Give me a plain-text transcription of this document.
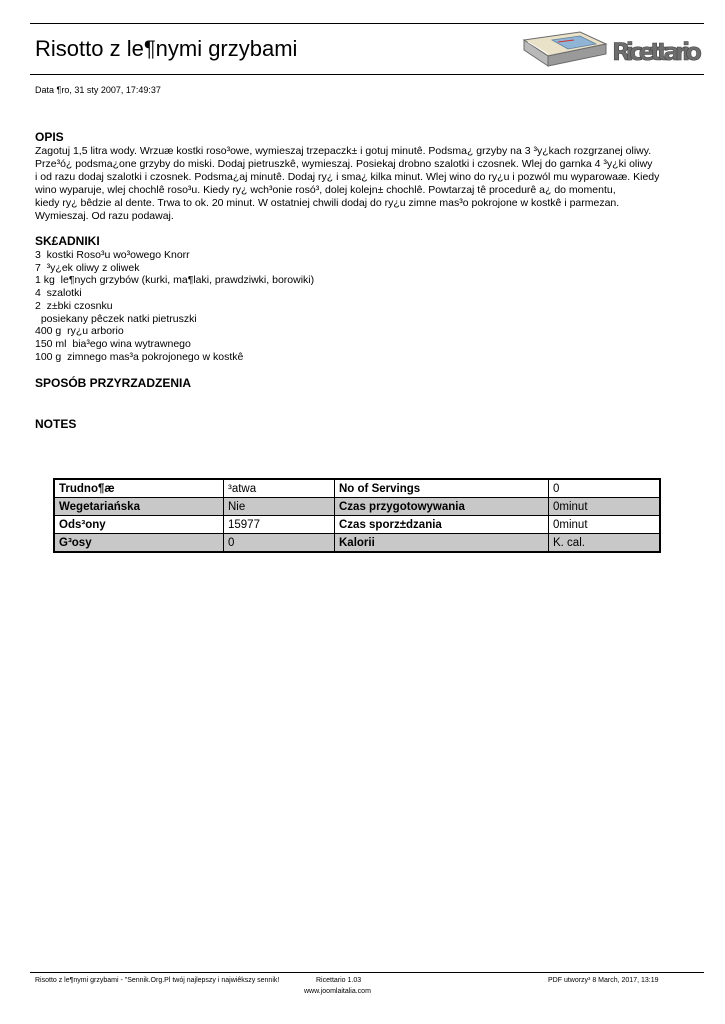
Risotto z le¶nymi grzybami	Ricettario
Data ¶ro, 31 sty 2007, 17:49:37
OPIS
Zagotuj 1,5 litra wody. Wrzuæ kostki roso³owe, wymieszaj trzepaczk± i gotuj minutê. Podsma¿ grzyby na 3 ³y¿kach rozgrzanej oliwy.
Prze³ó¿ podsma¿one grzyby do miski. Dodaj pietruszkê, wymieszaj. Posiekaj drobno szalotki i czosnek. Wlej do garnka 4 ³y¿ki oliwy
i od razu dodaj szalotki i czosnek. Podsma¿aj minutê. Dodaj ry¿ i sma¿ kilka minut. Wlej wino do ry¿u i pozwól mu wyparowaæ. Kiedy
wino wyparuje, wlej chochlê roso³u. Kiedy ry¿ wch³onie rosó³, dolej kolejn± chochlê. Powtarzaj tê procedurê a¿ do momentu,
kiedy ry¿ bêdzie al dente. Trwa to ok. 20 minut. W ostatniej chwili dodaj do ry¿u zimne mas³o pokrojone w kostkê i parmezan.
Wymieszaj. Od razu podawaj.
SK£ADNIKI
3  kostki Roso³u wo³owego Knorr
7  ³y¿ek oliwy z oliwek
1 kg  le¶nych grzybów (kurki, ma¶laki, prawdziwki, borowiki)
4  szalotki
2  z±bki czosnku
posiekany pêczek natki pietruszki
400 g  ry¿u arborio
150 ml  bia³ego wina wytrawnego
100 g  zimnego mas³a pokrojonego w kostkê
SPOSÓB PRZYRZADZENIA
NOTES
Trudno¶æ	³atwa	No of Servings	0
Wegetariańska	Nie	Czas przygotowywania	0minut
Ods³ony	15977	Czas sporz±dzania	0minut
G³osy	0	Kalorii	K. cal.
Risotto z le¶nymi grzybami - "Sennik.Org.Pl twój najlepszy i najwiêkszy sennik!	Ricettario 1.03	PDF utworzy³ 8 March, 2017, 13:19
www.joomlaitalia.com
